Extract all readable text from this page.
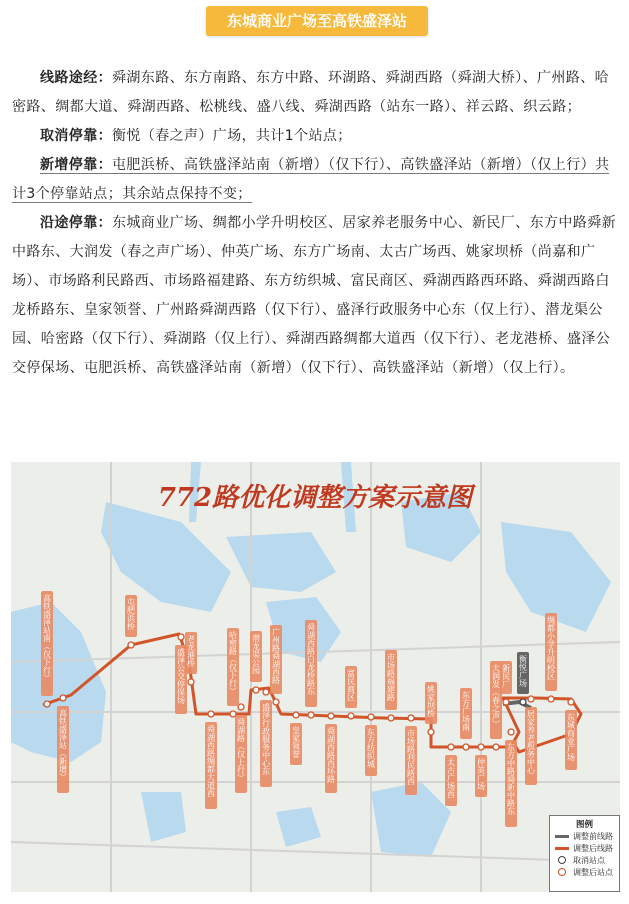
东城商业广场至高铁盛泽站

线路途经：舜湖东路、东方南路、东方中路、环湖路、舜湖西路（舜湖大桥）、广州路、哈密路、绸都大道、舜湖西路、松桃线、盛八线、舜湖西路（站东一路）、祥云路、织云路；

取消停靠：衡悦（春之声）广场，共计1个站点；

新增停靠：屯肥浜桥、高铁盛泽站南（新增）（仅下行）、高铁盛泽站（新增）（仅上行）共计3个停靠站点；其余站点保持不变；

沿途停靠：东城商业广场、绸都小学升明校区、居家养老服务中心、新民厂、东方中路舜新中路东、大润发（春之声广场）、仲英广场、东方广场南、太古广场西、姚家坝桥（尚嘉和广场）、市场路利民路西、市场路福建路、东方纺织城、富民商区、舜湖西路西环路、舜湖西路白龙桥路东、皇家领誉、广州路舜湖西路（仅下行）、盛泽行政服务中心东（仅上行）、潜龙渠公园、哈密路（仅下行）、舜湖路（仅上行）、舜湖西路绸都大道西（仅下行）、老龙港桥、盛泽公交停保场、屯肥浜桥、高铁盛泽站南（新增）（仅下行）、高铁盛泽站（新增）（仅上行）。

高铁盛泽站南（仅下行）
高铁盛泽站（新增）
屯肥浜桥
盛泽公交停保场 老龙港桥
舜湖西路绸都大道西
哈密路（仅下行）
舜湖路（仅上行）
潜龙渠公园
盛泽行政服务中心东
广州路舜湖西路
皇家领誉
舜湖西路白龙桥路东
舜湖西路西环路
富民商区
东方纺织城
市场路福建路
市场路利民路西
姚家坝桥
太古广场西
东方广场南
仲英广场
大润发（春之声）
东方中路舜新中路东
新民厂
居家养老服务中心
绸都小学升明校区
东城商业广场
衡悦广场
772路优化调整方案示意图
图例
调整前线路
调整后线路
取消站点
调整后站点
